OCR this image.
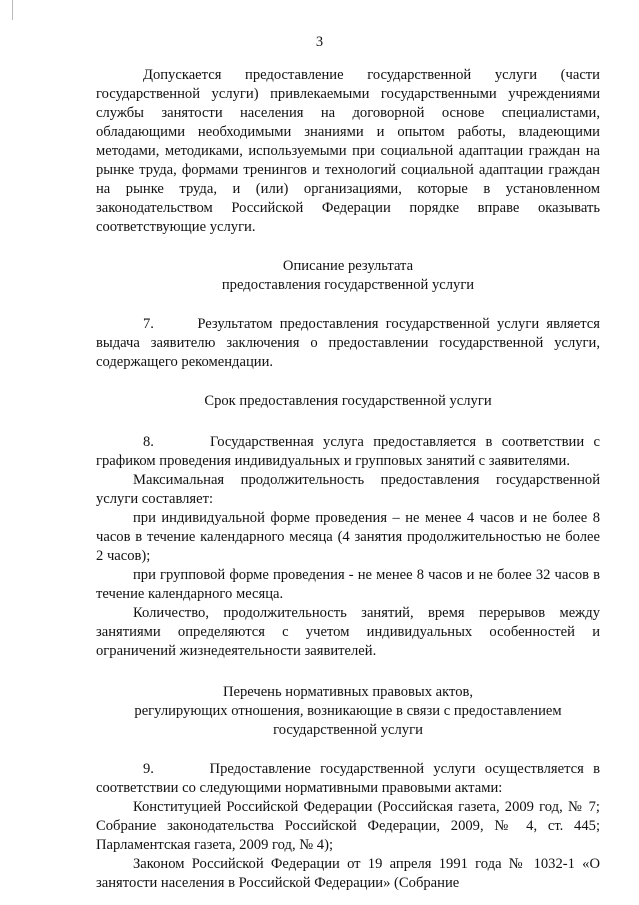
3

Допускается предоставление государственной услуги (части государственной услуги) привлекаемыми государственными учреждениями службы занятости населения на договорной основе специалистами, обладающими необходимыми знаниями и опытом работы, владеющими методами, методиками, используемыми при социальной адаптации граждан на рынке труда, формами тренингов и технологий социальной адаптации граждан на рынке труда, и (или) организациями, которые в установленном законодательством Российской Федерации порядке вправе оказывать соответствующие услуги.

Описание результата
предоставления государственной услуги

7.      Результатом предоставления государственной услуги является выдача заявителю заключения о предоставлении государственной услуги, содержащего рекомендации.

Срок предоставления государственной услуги

8.      Государственная услуга предоставляется в соответствии с графиком проведения индивидуальных и групповых занятий с заявителями.

Максимальная продолжительность предоставления государственной услуги составляет:

при индивидуальной форме проведения – не менее 4 часов и не более 8 часов в течение календарного месяца (4 занятия продолжительностью не более 2 часов);

при групповой форме проведения - не менее 8 часов и не более 32 часов в течение календарного месяца.

Количество, продолжительность занятий, время перерывов между занятиями определяются с учетом индивидуальных особенностей и ограничений жизнедеятельности заявителей.

Перечень нормативных правовых актов,
регулирующих отношения, возникающие в связи с предоставлением
государственной услуги

9.      Предоставление государственной услуги осуществляется в соответствии со следующими нормативными правовыми актами:

Конституцией Российской Федерации (Российская газета, 2009 год, № 7; Собрание законодательства Российской Федерации, 2009, № 4, ст. 445; Парламентская газета, 2009 год, № 4);

Законом Российской Федерации от 19 апреля 1991 года № 1032-1 «О занятости населения в Российской Федерации» (Собрание
